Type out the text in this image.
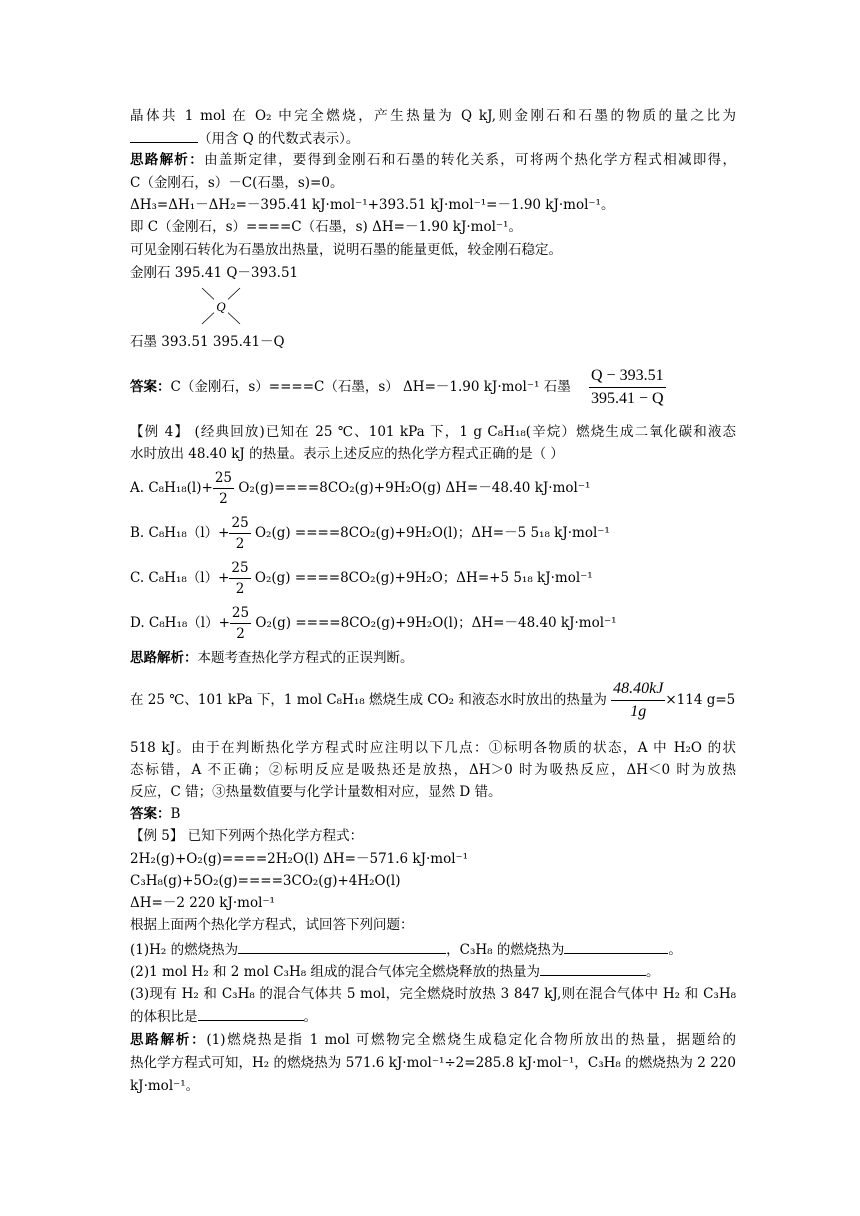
晶体共 1 mol 在 O₂ 中完全燃烧，产生热量为 Q kJ,则金刚石和石墨的物质的量之比为
（用含 Q 的代数式表示）。
思路解析：由盖斯定律，要得到金刚石和石墨的转化关系，可将两个热化学方程式相减即得，
C（金刚石，s）－C(石墨，s)=0。
ΔH₃=ΔH₁－ΔH₂=－395.41 kJ·mol⁻¹+393.51 kJ·mol⁻¹=－1.90 kJ·mol⁻¹。
即 C（金刚石，s）====C（石墨，s) ΔH=－1.90 kJ·mol⁻¹。
可见金刚石转化为石墨放出热量，说明石墨的能量更低，较金刚石稳定。
金刚石 395.41 Q－393.51
Q
石墨 393.51 395.41－Q
答案：C（金刚石，s）====C（石墨，s） ΔH=－1.90 kJ·mol⁻¹ 石墨 $\frac{Q - 393.51}{395.41 - Q}$
【例 4】 (经典回放)已知在 25 ℃、101 kPa 下，1 g C₈H₁₈(辛烷）燃烧生成二氧化碳和液态
水时放出 48.40 kJ 的热量。表示上述反应的热化学方程式正确的是（ ）
A. $C_8H_{18}(l)+ \frac{25}{2} O_2(g)====8CO_2(g)+9H_2O(g)$ ΔH=－48.40 kJ·mol⁻¹
B. $C_8H_{18}(l)+ \frac{25}{2} O_2(g) ====8CO_2(g)+9H_2O(l)$；ΔH=－5 5₁₈ kJ·mol⁻¹
C. $C_8H_{18}(l)+ \frac{25}{2} O_2(g) ====8CO_2(g)+9H_2O$；ΔH=+5 5₁₈ kJ·mol⁻¹
D. $C_8H_{18}(l)+ \frac{25}{2} O_2(g) ====8CO_2(g)+9H_2O(l)$；ΔH=－48.40 kJ·mol⁻¹
思路解析：本题考查热化学方程式的正误判断。
在 25 ℃、101 kPa 下，1 mol C₈H₁₈ 燃烧生成 CO₂ 和液态水时放出的热量为 $\frac{48.40kJ}{1g} \times 114$ g=5
518 kJ。由于在判断热化学方程式时应注明以下几点：①标明各物质的状态，A 中 H₂O 的状
态标错，A 不正确；②标明反应是吸热还是放热，ΔH＞0 时为吸热反应，ΔH＜0 时为放热
反应，C 错；③热量数值要与化学计量数相对应，显然 D 错。
答案：B
【例 5】 已知下列两个热化学方程式：
2H₂(g)+O₂(g)====2H₂O(l) ΔH=－571.6 kJ·mol⁻¹
C₃H₈(g)+5O₂(g)====3CO₂(g)+4H₂O(l)
ΔH=－2 220 kJ·mol⁻¹
根据上面两个热化学方程式，试回答下列问题：
(1)H₂ 的燃烧热为	，C₃H₈ 的燃烧热为	。
(2)1 mol H₂ 和 2 mol C₃H₈ 组成的混合气体完全燃烧释放的热量为	。
(3)现有 H₂ 和 C₃H₈ 的混合气体共 5 mol，完全燃烧时放热 3 847 kJ,则在混合气体中 H₂ 和 C₃H₈
的体积比是	。
思路解析：(1)燃烧热是指 1 mol 可燃物完全燃烧生成稳定化合物所放出的热量，据题给的
热化学方程式可知，H₂ 的燃烧热为 571.6 kJ·mol⁻¹÷2=285.8 kJ·mol⁻¹，C₃H₈ 的燃烧热为 2 220
kJ·mol⁻¹。
